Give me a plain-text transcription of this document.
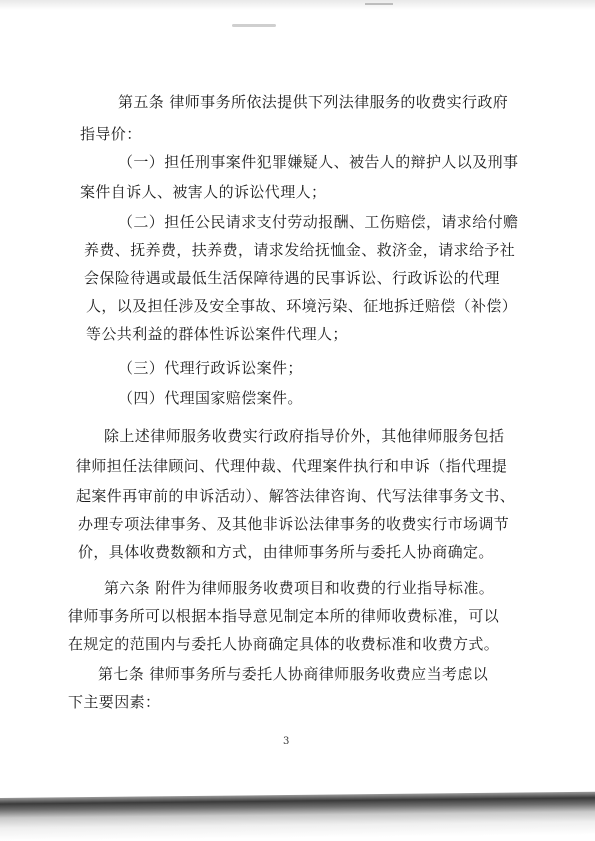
第五条 律师事务所依法提供下列法律服务的收费实行政府
指导价：
（一）担任刑事案件犯罪嫌疑人、被告人的辩护人以及刑事
案件自诉人、被害人的诉讼代理人；
（二）担任公民请求支付劳动报酬、工伤赔偿，请求给付赡
养费、抚养费，扶养费，请求发给抚恤金、救济金，请求给予社
会保险待遇或最低生活保障待遇的民事诉讼、行政诉讼的代理
人，以及担任涉及安全事故、环境污染、征地拆迁赔偿（补偿）
等公共利益的群体性诉讼案件代理人；
（三）代理行政诉讼案件；
（四）代理国家赔偿案件。
除上述律师服务收费实行政府指导价外，其他律师服务包括
律师担任法律顾问、代理仲裁、代理案件执行和申诉（指代理提
起案件再审前的申诉活动）、解答法律咨询、代写法律事务文书、
办理专项法律事务、及其他非诉讼法律事务的收费实行市场调节
价，具体收费数额和方式，由律师事务所与委托人协商确定。
第六条 附件为律师服务收费项目和收费的行业指导标准。
律师事务所可以根据本指导意见制定本所的律师收费标准，可以
在规定的范围内与委托人协商确定具体的收费标准和收费方式。
第七条 律师事务所与委托人协商律师服务收费应当考虑以
下主要因素：
3
